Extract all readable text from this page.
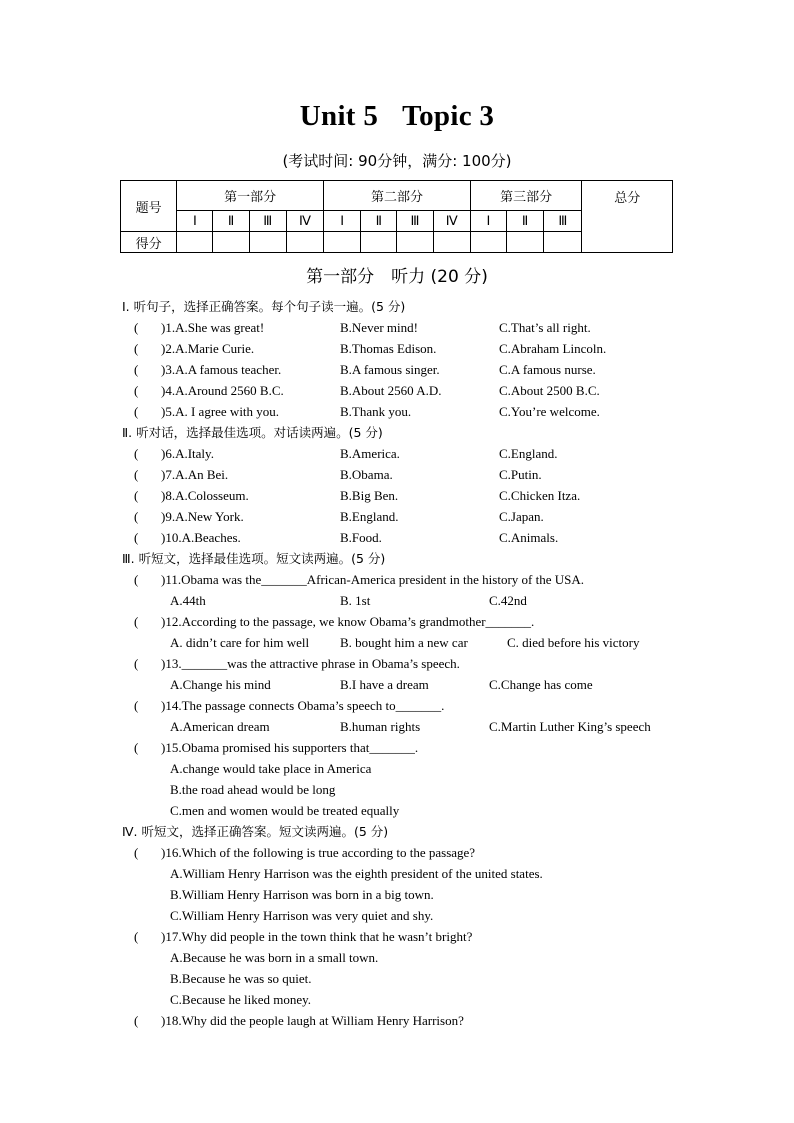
Unit 5 Topic 3
(考试时间: 90分钟，满分: 100分)
题号	第一部分				第二部分				第三部分			总分
	Ⅰ	Ⅱ	Ⅲ	Ⅳ	Ⅰ	Ⅱ	Ⅲ	Ⅳ	Ⅰ	Ⅱ	Ⅲ	
得分												
第一部分　听力 (20 分)
Ⅰ. 听句子，选择正确答案。每个句子读一遍。(5 分)
( )1.A.She was great!	B.Never mind!	C.That’s all right.
( )2.A.Marie Curie.	B.Thomas Edison.	C.Abraham Lincoln.
( )3.A.A famous teacher.	B.A famous singer.	C.A famous nurse.
( )4.A.Around 2560 B.C.	B.About 2560 A.D.	C.About 2500 B.C.
( )5.A. I agree with you.	B.Thank you.	C.You’re welcome.
Ⅱ. 听对话，选择最佳选项。对话读两遍。(5 分)
( )6.A.Italy.	B.America.	C.England.
( )7.A.An Bei.	B.Obama.	C.Putin.
( )8.A.Colosseum.	B.Big Ben.	C.Chicken Itza.
( )9.A.New York.	B.England.	C.Japan.
( )10.A.Beaches.	B.Food.	C.Animals.
Ⅲ. 听短文，选择最佳选项。短文读两遍。(5 分)
( )11.Obama was the_______African-America president in the history of the USA.
A.44th	B. 1st	C.42nd
( )12.According to the passage, we know Obama’s grandmother_______.
A. didn’t care for him well B. bought him a new car	C. died before his victory
( )13._______was the attractive phrase in Obama’s speech.
A.Change his mind	B.I have a dream	C.Change has come
( )14.The passage connects Obama’s speech to_______.
A.American dream	B.human rights	C.Martin Luther King’s speech
( )15.Obama promised his supporters that_______.
A.change would take place in America
B.the road ahead would be long
C.men and women would be treated equally
Ⅳ. 听短文，选择正确答案。短文读两遍。(5 分)
( )16.Which of the following is true according to the passage?
A.William Henry Harrison was the eighth president of the united states.
B.William Henry Harrison was born in a big town.
C.William Henry Harrison was very quiet and shy.
( )17.Why did people in the town think that he wasn’t bright?
A.Because he was born in a small town.
B.Because he was so quiet.
C.Because he liked money.
( )18.Why did the people laugh at William Henry Harrison?
